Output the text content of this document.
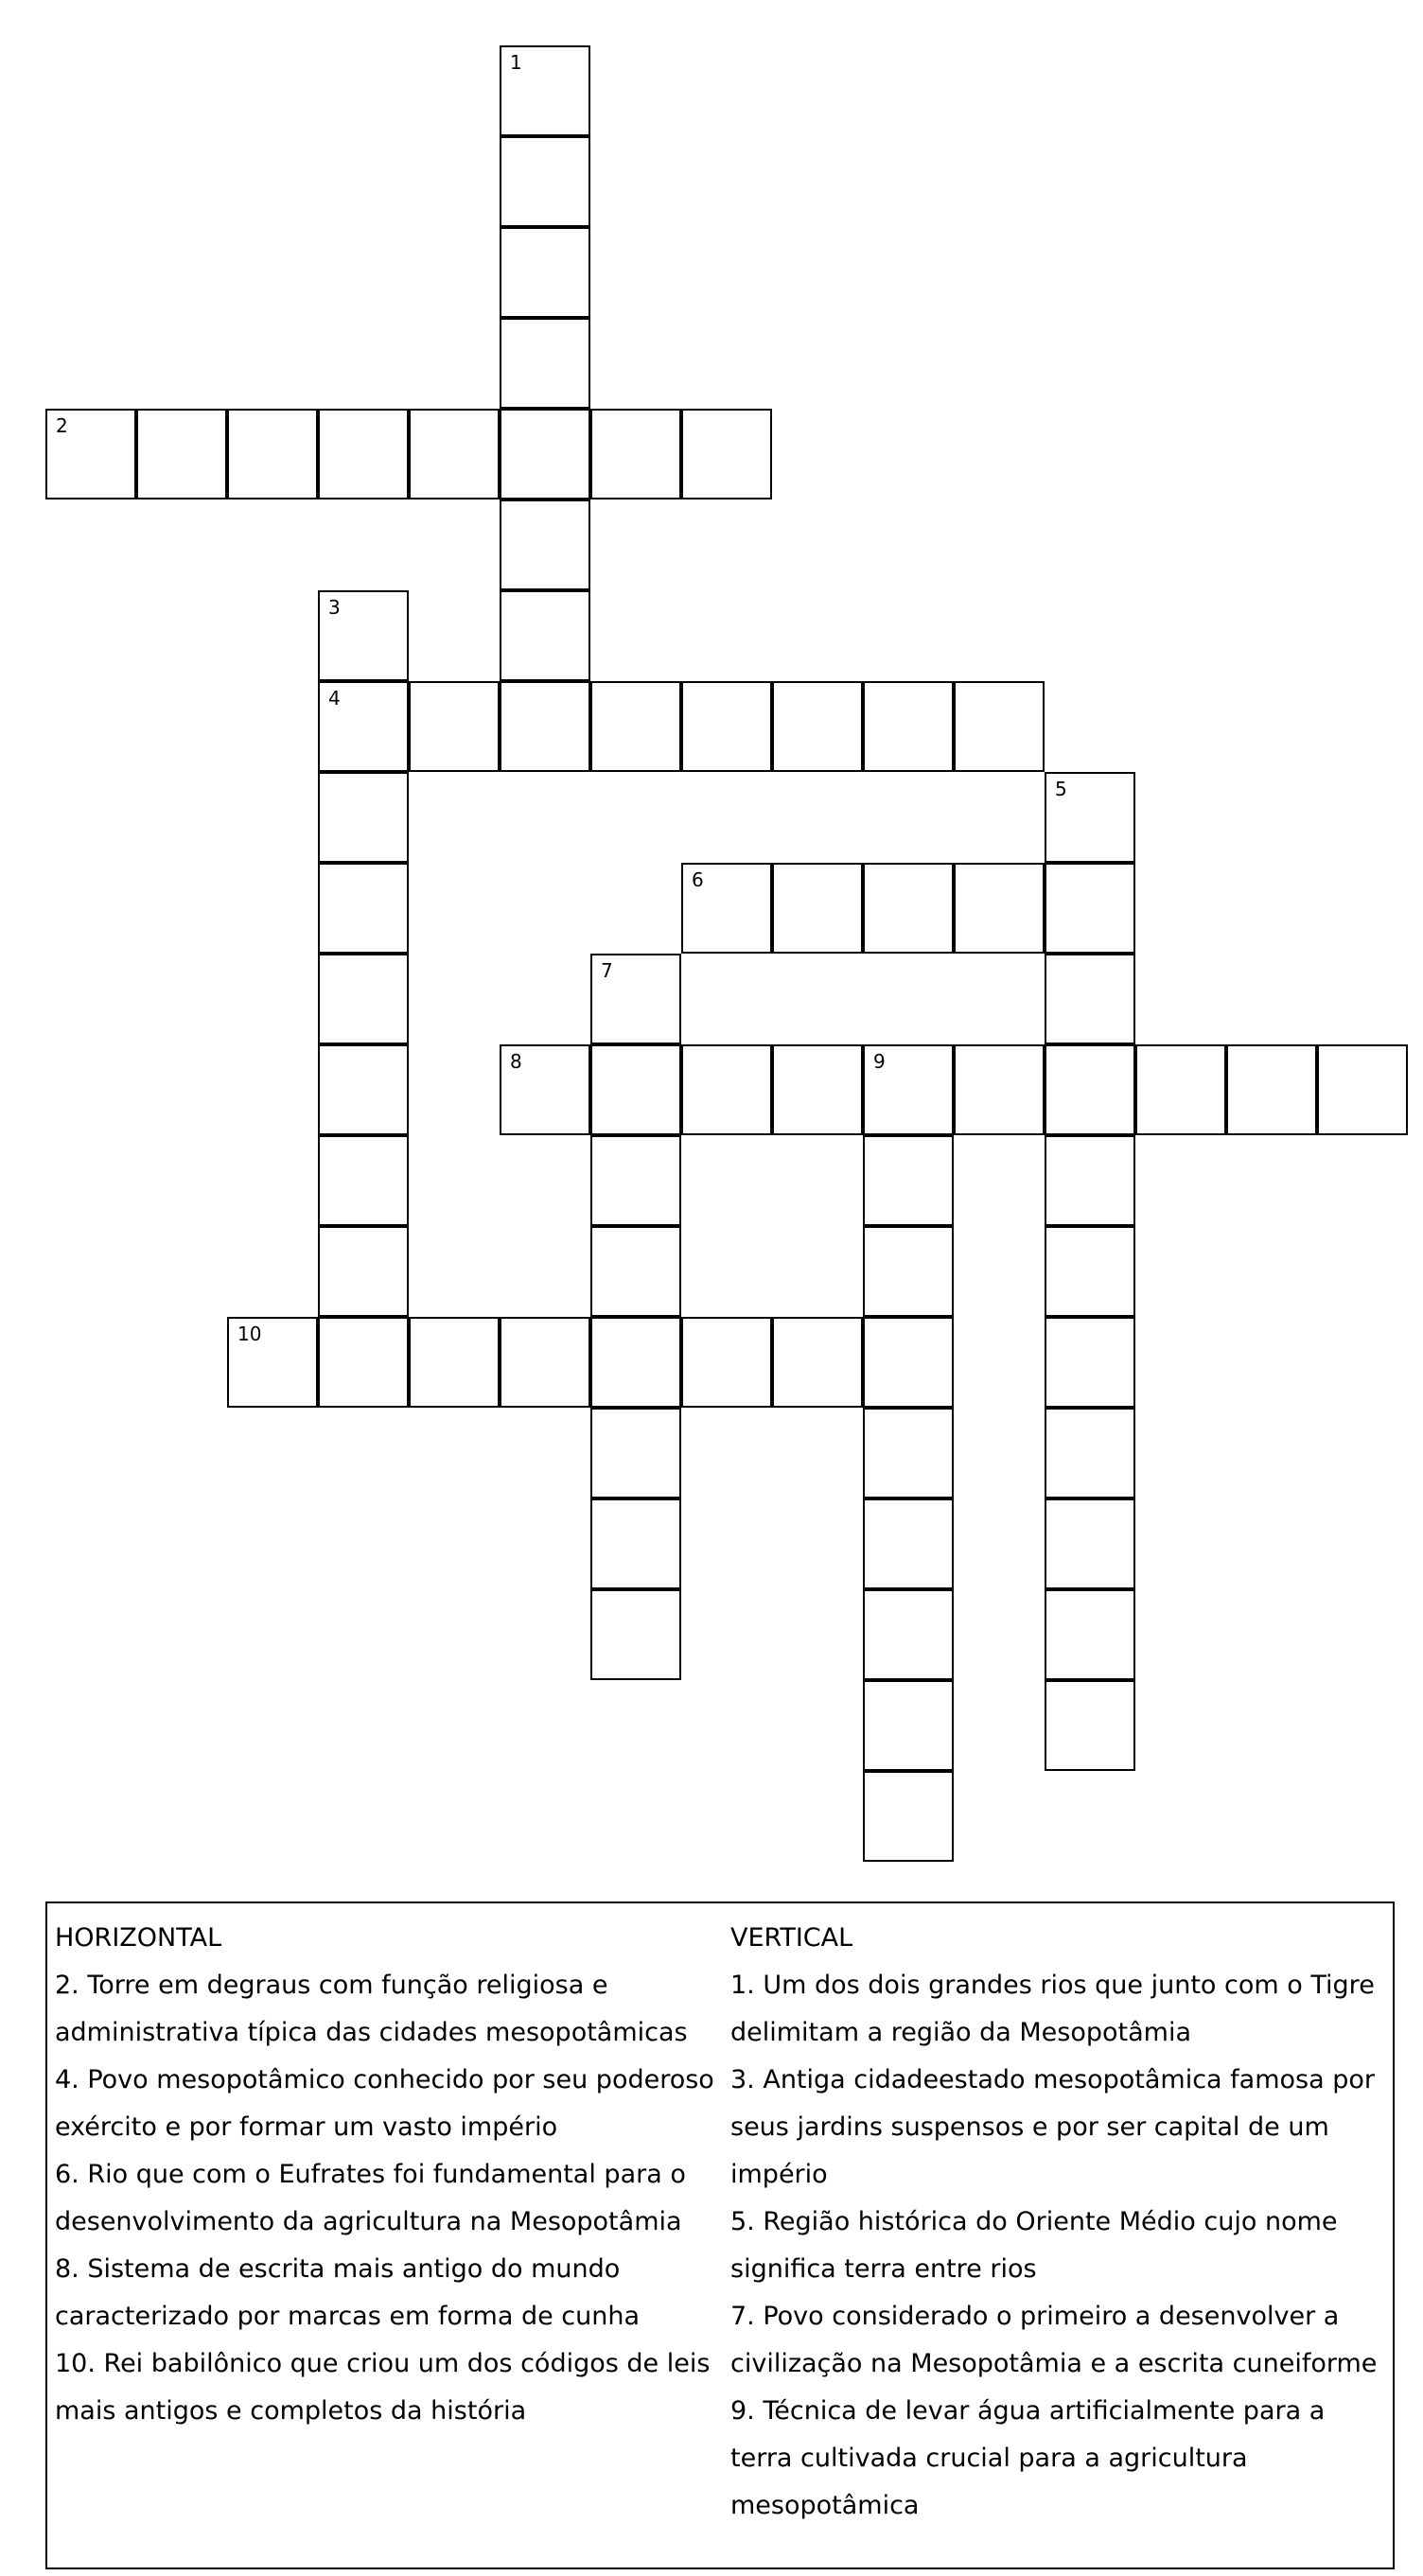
1
2
3
4
5
6
7
8	9
10
HORIZONTAL
2. Torre em degraus com função religiosa e
administrativa típica das cidades mesopotâmicas
4. Povo mesopotâmico conhecido por seu poderoso
exército e por formar um vasto império
6. Rio que com o Eufrates foi fundamental para o
desenvolvimento da agricultura na Mesopotâmia
8. Sistema de escrita mais antigo do mundo
caracterizado por marcas em forma de cunha
10. Rei babilônico que criou um dos códigos de leis
mais antigos e completos da história
VERTICAL
1. Um dos dois grandes rios que junto com o Tigre
delimitam a região da Mesopotâmia
3. Antiga cidadeestado mesopotâmica famosa por
seus jardins suspensos e por ser capital de um
império
5. Região histórica do Oriente Médio cujo nome
significa terra entre rios
7. Povo considerado o primeiro a desenvolver a
civilização na Mesopotâmia e a escrita cuneiforme
9. Técnica de levar água artificialmente para a
terra cultivada crucial para a agricultura
mesopotâmica
